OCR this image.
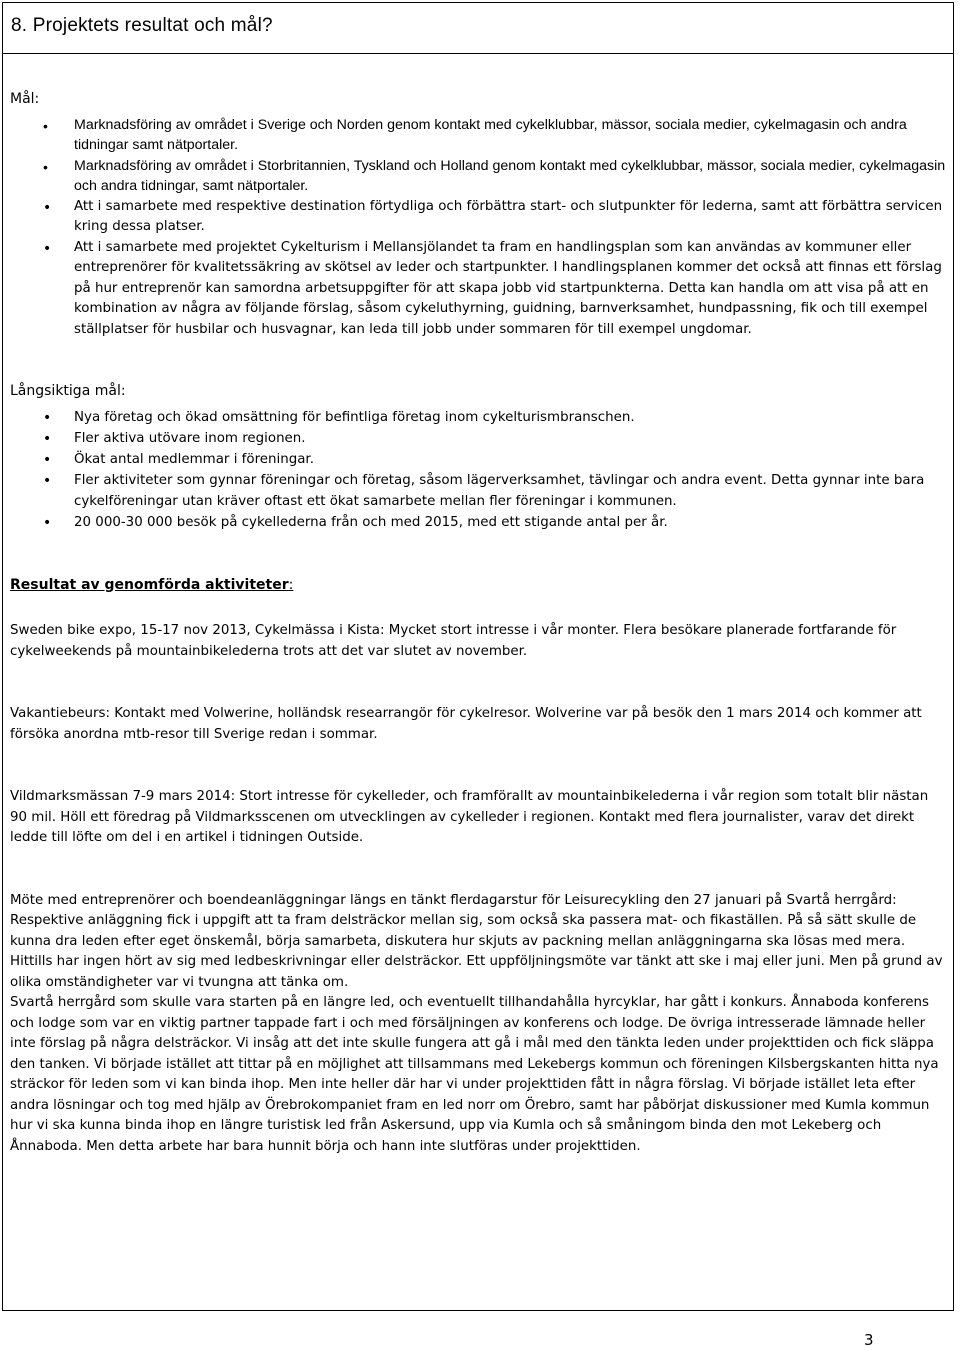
8. Projektets resultat och mål?

Mål:

• Marknadsföring av området i Sverige och Norden genom kontakt med cykelklubbar, mässor, sociala medier, cykelmagasin och andra tidningar samt nätportaler.
• Marknadsföring av området i Storbritannien, Tyskland och Holland genom kontakt med cykelklubbar, mässor, sociala medier, cykelmagasin och andra tidningar, samt nätportaler.
• Att i samarbete med respektive destination förtydliga och förbättra start- och slutpunkter för lederna, samt att förbättra servicen kring dessa platser.
• Att i samarbete med projektet Cykelturism i Mellansjölandet ta fram en handlingsplan som kan användas av kommuner eller entreprenörer för kvalitetssäkring av skötsel av leder och startpunkter. I handlingsplanen kommer det också att finnas ett förslag på hur entreprenör kan samordna arbetsuppgifter för att skapa jobb vid startpunkterna. Detta kan handla om att visa på att en kombination av några av följande förslag, såsom cykeluthyrning, guidning, barnverksamhet, hundpassning, fik och till exempel ställplatser för husbilar och husvagnar, kan leda till jobb under sommaren för till exempel ungdomar.

Långsiktiga mål:

• Nya företag och ökad omsättning för befintliga företag inom cykelturismbranschen.
• Fler aktiva utövare inom regionen.
• Ökat antal medlemmar i föreningar.
• Fler aktiviteter som gynnar föreningar och företag, såsom lägerverksamhet, tävlingar och andra event. Detta gynnar inte bara cykelföreningar utan kräver oftast ett ökat samarbete mellan fler föreningar i kommunen.
• 20 000-30 000 besök på cykellederna från och med 2015, med ett stigande antal per år.

Resultat av genomförda aktiviteter:

Sweden bike expo, 15-17 nov 2013, Cykelmässa i Kista: Mycket stort intresse i vår monter. Flera besökare planerade fortfarande för cykelweekends på mountainbikelederna trots att det var slutet av november.

Vakantiebeurs: Kontakt med Volwerine, holländsk researrangör för cykelresor. Wolverine var på besök den 1 mars 2014 och kommer att försöka anordna mtb-resor till Sverige redan i sommar.

Vildmarksmässan 7-9 mars 2014: Stort intresse för cykelleder, och framförallt av mountainbikelederna i vår region som totalt blir nästan 90 mil. Höll ett föredrag på Vildmarksscenen om utvecklingen av cykelleder i regionen. Kontakt med flera journalister, varav det direkt ledde till löfte om del i en artikel i tidningen Outside.

Möte med entreprenörer och boendeanläggningar längs en tänkt flerdagarstur för Leisurecykling den 27 januari på Svartå herrgård: Respektive anläggning fick i uppgift att ta fram delsträckor mellan sig, som också ska passera mat- och fikaställen. På så sätt skulle de kunna dra leden efter eget önskemål, börja samarbeta, diskutera hur skjuts av packning mellan anläggningarna ska lösas med mera. Hittills har ingen hört av sig med ledbeskrivningar eller delsträckor. Ett uppföljningsmöte var tänkt att ske i maj eller juni. Men på grund av olika omständigheter var vi tvungna att tänka om.

Svartå herrgård som skulle vara starten på en längre led, och eventuellt tillhandahålla hyrcyklar, har gått i konkurs. Ånnaboda konferens och lodge som var en viktig partner tappade fart i och med försäljningen av konferens och lodge. De övriga intresserade lämnade heller inte förslag på några delsträckor. Vi insåg att det inte skulle fungera att gå i mål med den tänkta leden under projekttiden och fick släppa den tanken. Vi började istället att tittar på en möjlighet att tillsammans med Lekebergs kommun och föreningen Kilsbergskanten hitta nya sträckor för leden som vi kan binda ihop. Men inte heller där har vi under projekttiden fått in några förslag. Vi började istället leta efter andra lösningar och tog med hjälp av Örebrokompaniet fram en led norr om Örebro, samt har påbörjat diskussioner med Kumla kommun hur vi ska kunna binda ihop en längre turistisk led från Askersund, upp via Kumla och så småningom binda den mot Lekeberg och Ånnaboda. Men detta arbete har bara hunnit börja och hann inte slutföras under projekttiden.

3
